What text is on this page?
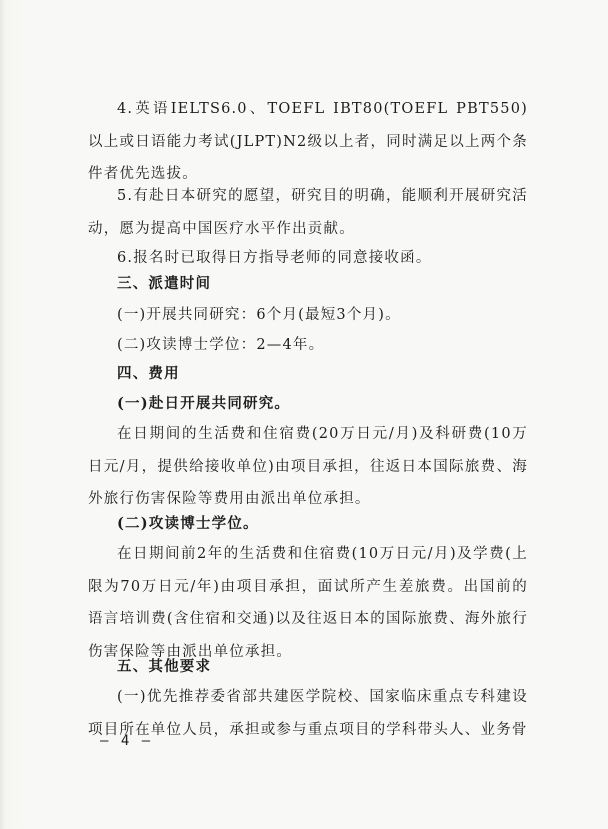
4.英语IELTS6.0、TOEFL IBT80(TOEFL PBT550)以上或日语能力考试(JLPT)N2级以上者，同时满足以上两个条件者优先选拔。

5.有赴日本研究的愿望，研究目的明确，能顺利开展研究活动，愿为提高中国医疗水平作出贡献。

6.报名时已取得日方指导老师的同意接收函。

三、派遣时间

(一)开展共同研究：6个月(最短3个月)。

(二)攻读博士学位：2—4年。

四、费用

(一)赴日开展共同研究。

在日期间的生活费和住宿费(20万日元/月)及科研费(10万日元/月，提供给接收单位)由项目承担，往返日本国际旅费、海外旅行伤害保险等费用由派出单位承担。

(二)攻读博士学位。

在日期间前2年的生活费和住宿费(10万日元/月)及学费(上限为70万日元/年)由项目承担，面试所产生差旅费。出国前的语言培训费(含住宿和交通)以及往返日本的国际旅费、海外旅行伤害保险等由派出单位承担。

五、其他要求

(一)优先推荐委省部共建医学院校、国家临床重点专科建设项目所在单位人员，承担或参与重点项目的学科带头人、业务骨

— 4 —
